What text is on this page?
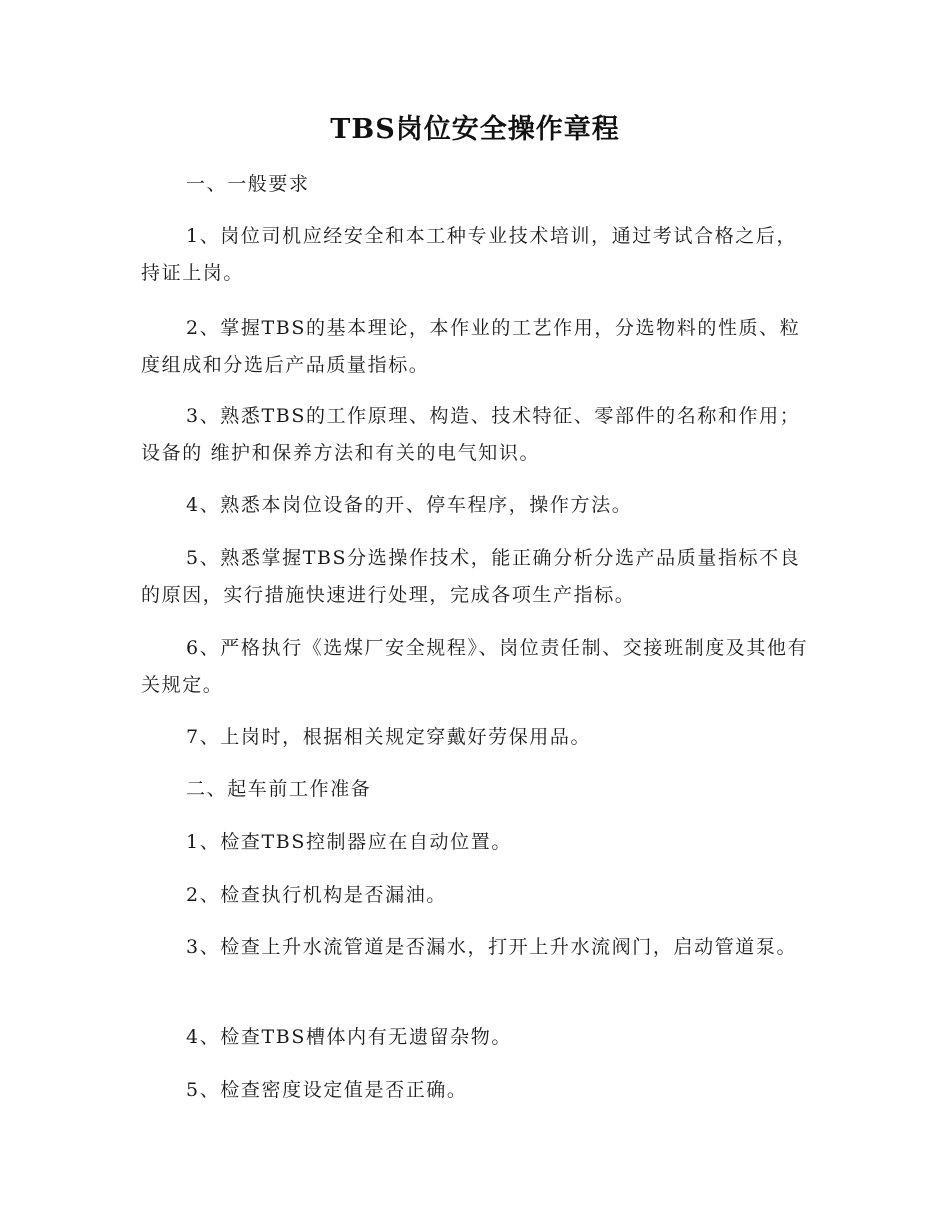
TBS岗位安全操作章程

一、一般要求

1、岗位司机应经安全和本工种专业技术培训，通过考试合格之后，持证上岗。

2、掌握TBS的基本理论，本作业的工艺作用，分选物料的性质、粒度组成和分选后产品质量指标。

3、熟悉TBS的工作原理、构造、技术特征、零部件的名称和作用；设备的 维护和保养方法和有关的电气知识。

4、熟悉本岗位设备的开、停车程序，操作方法。

5、熟悉掌握TBS分选操作技术，能正确分析分选产品质量指标不良的原因，实行措施快速进行处理，完成各项生产指标。

6、严格执行《选煤厂安全规程》、岗位责任制、交接班制度及其他有关规定。

7、上岗时，根据相关规定穿戴好劳保用品。

二、起车前工作准备

1、检查TBS控制器应在自动位置。

2、检查执行机构是否漏油。

3、检查上升水流管道是否漏水，打开上升水流阀门，启动管道泵。

4、检查TBS槽体内有无遗留杂物。

5、检查密度设定值是否正确。
